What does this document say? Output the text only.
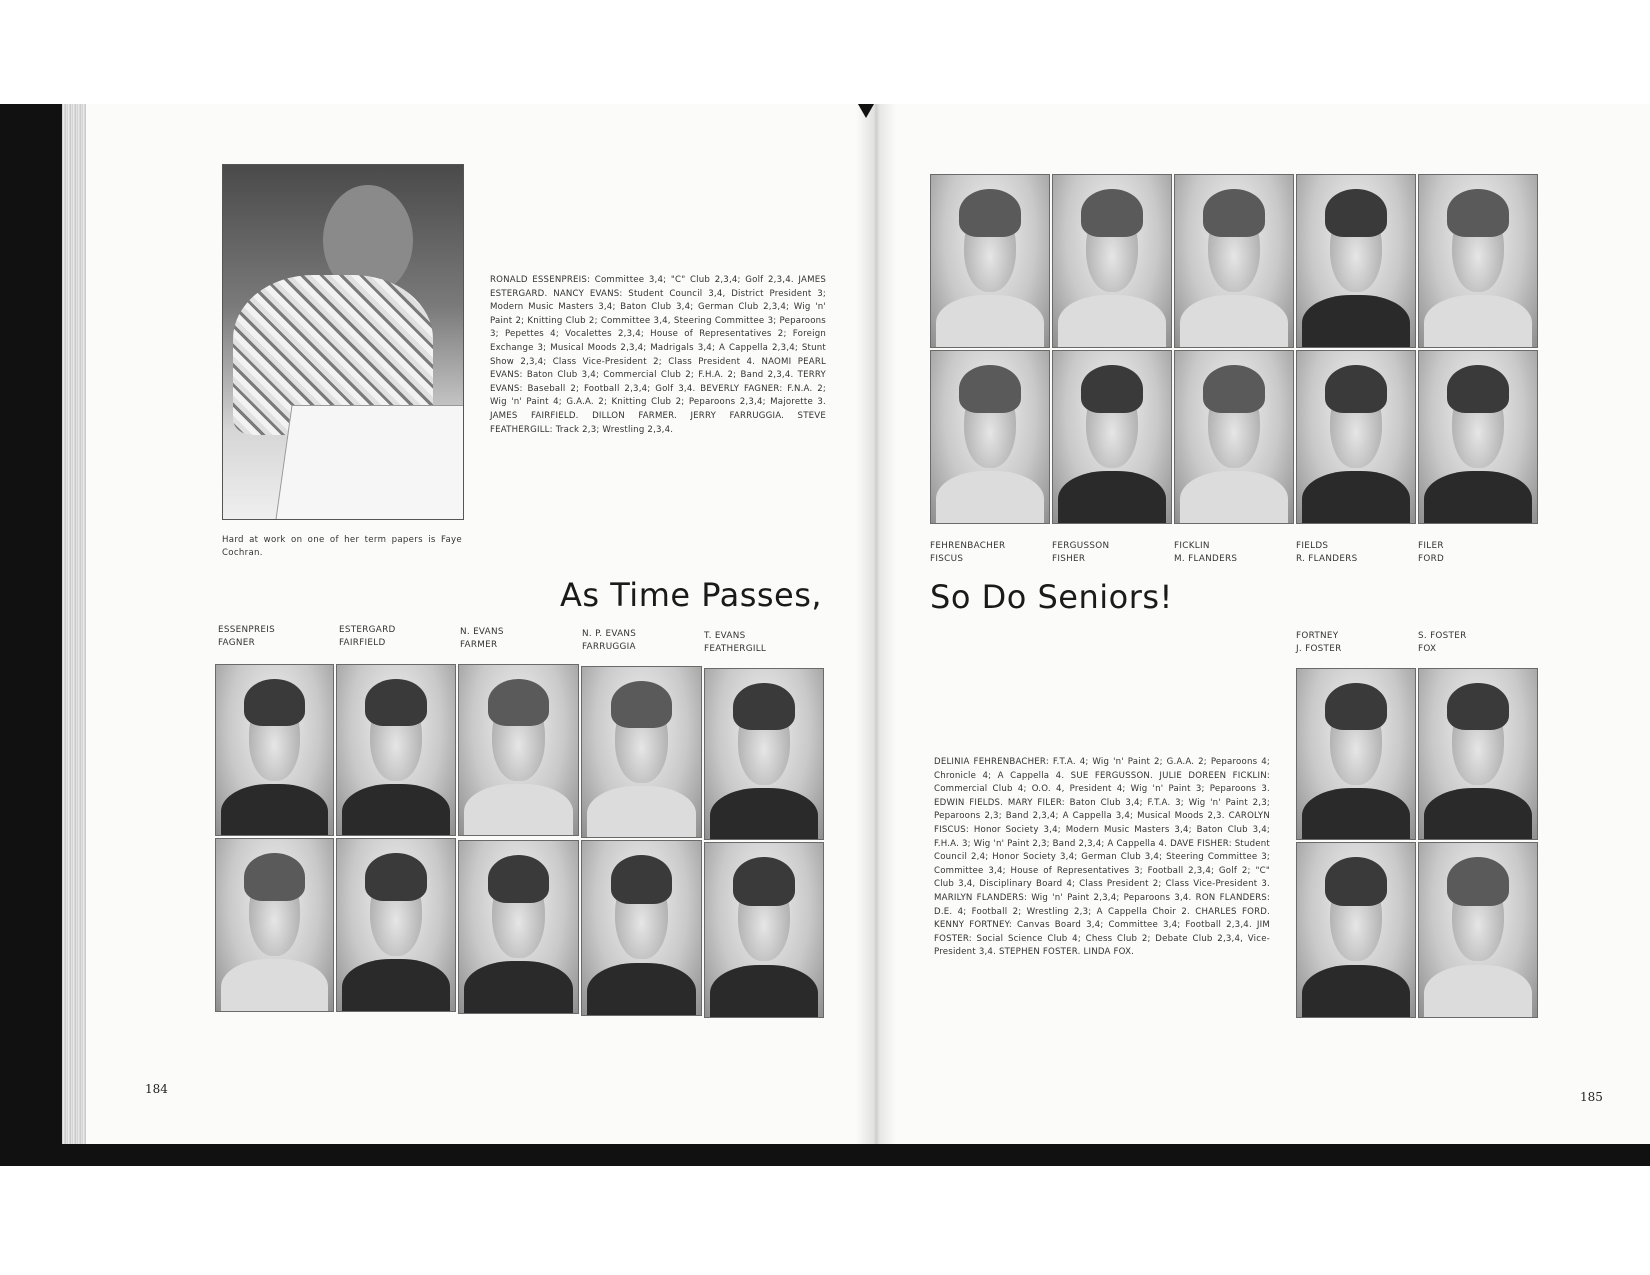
Hard at work on one of her term papers is Faye Cochran.
RONALD ESSENPREIS: Committee 3,4; "C" Club 2,3,4; Golf 2,3,4. JAMES ESTERGARD. NANCY EVANS: Student Council 3,4, District President 3; Modern Music Masters 3,4; Baton Club 3,4; German Club 2,3,4; Wig 'n' Paint 2; Knitting Club 2; Committee 3,4, Steering Committee 3; Peparoons 3; Pepettes 4; Vocalettes 2,3,4; House of Representatives 2; Foreign Exchange 3; Musical Moods 2,3,4; Madrigals 3,4; A Cappella 2,3,4; Stunt Show 2,3,4; Class Vice-President 2; Class President 4. NAOMI PEARL EVANS: Baton Club 3,4; Commercial Club 2; F.H.A. 2; Band 2,3,4. TERRY EVANS: Baseball 2; Football 2,3,4; Golf 3,4. BEVERLY FAGNER: F.N.A. 2; Wig 'n' Paint 4; G.A.A. 2; Knitting Club 2; Peparoons 2,3,4; Majorette 3. JAMES FAIRFIELD. DILLON FARMER. JERRY FARRUGGIA. STEVE FEATHERGILL: Track 2,3; Wrestling 2,3,4.
As Time Passes,
ESSENPREIS
FAGNER
ESTERGARD
FAIRFIELD
N. EVANS
FARMER
N. P. EVANS
FARRUGGIA
T. EVANS
FEATHERGILL
184
FEHRENBACHER
FISCUS
FERGUSSON
FISHER
FICKLIN
M. FLANDERS
FIELDS
R. FLANDERS
FILER
FORD
So Do Seniors!
FORTNEY
J. FOSTER
S. FOSTER
FOX
DELINIA FEHRENBACHER: F.T.A. 4; Wig 'n' Paint 2; G.A.A. 2; Peparoons 4; Chronicle 4; A Cappella 4. SUE FERGUSSON. JULIE DOREEN FICKLIN: Commercial Club 4; O.O. 4, President 4; Wig 'n' Paint 3; Peparoons 3. EDWIN FIELDS. MARY FILER: Baton Club 3,4; F.T.A. 3; Wig 'n' Paint 2,3; Peparoons 2,3; Band 2,3,4; A Cappella 3,4; Musical Moods 2,3. CAROLYN FISCUS: Honor Society 3,4; Modern Music Masters 3,4; Baton Club 3,4; F.H.A. 3; Wig 'n' Paint 2,3; Band 2,3,4; A Cappella 4. DAVE FISHER: Student Council 2,4; Honor Society 3,4; German Club 3,4; Steering Committee 3; Committee 3,4; House of Representatives 3; Football 2,3,4; Golf 2; "C" Club 3,4, Disciplinary Board 4; Class President 2; Class Vice-President 3. MARILYN FLANDERS: Wig 'n' Paint 2,3,4; Peparoons 3,4. RON FLANDERS: D.E. 4; Football 2; Wrestling 2,3; A Cappella Choir 2. CHARLES FORD. KENNY FORTNEY: Canvas Board 3,4; Committee 3,4; Football 2,3,4. JIM FOSTER: Social Science Club 4; Chess Club 2; Debate Club 2,3,4, Vice-President 3,4. STEPHEN FOSTER. LINDA FOX.
185
